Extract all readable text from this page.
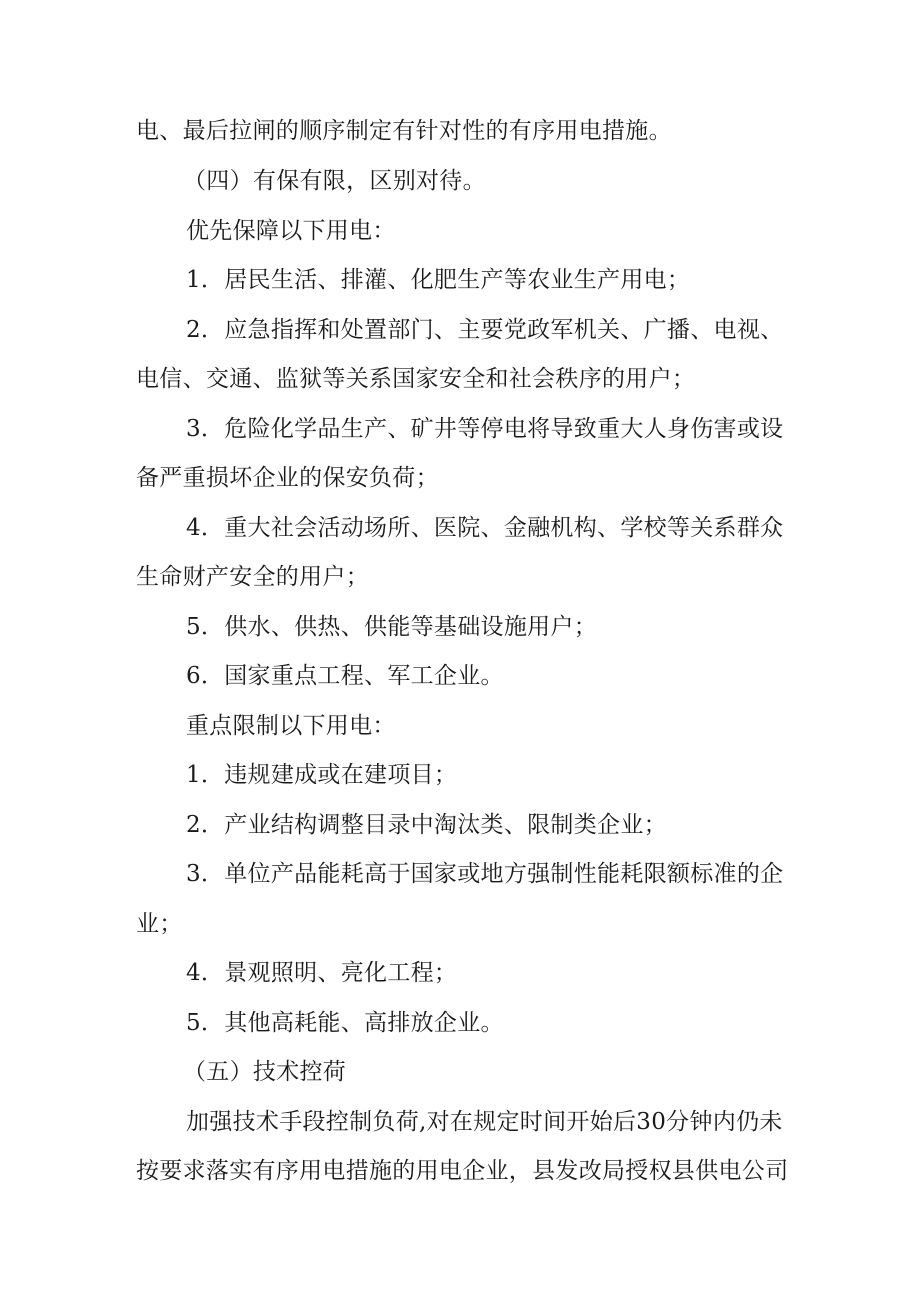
电、最后拉闸的顺序制定有针对性的有序用电措施。
（四）有保有限，区别对待。
优先保障以下用电：
1．居民生活、排灌、化肥生产等农业生产用电；
2．应急指挥和处置部门、主要党政军机关、广播、电视、
电信、交通、监狱等关系国家安全和社会秩序的用户；
3．危险化学品生产、矿井等停电将导致重大人身伤害或设
备严重损坏企业的保安负荷；
4．重大社会活动场所、医院、金融机构、学校等关系群众
生命财产安全的用户；
5．供水、供热、供能等基础设施用户；
6．国家重点工程、军工企业。
重点限制以下用电：
1．违规建成或在建项目；
2．产业结构调整目录中淘汰类、限制类企业；
3．单位产品能耗高于国家或地方强制性能耗限额标准的企
业；
4．景观照明、亮化工程；
5．其他高耗能、高排放企业。
（五）技术控荷
加强技术手段控制负荷,对在规定时间开始后30分钟内仍未
按要求落实有序用电措施的用电企业，县发改局授权县供电公司
